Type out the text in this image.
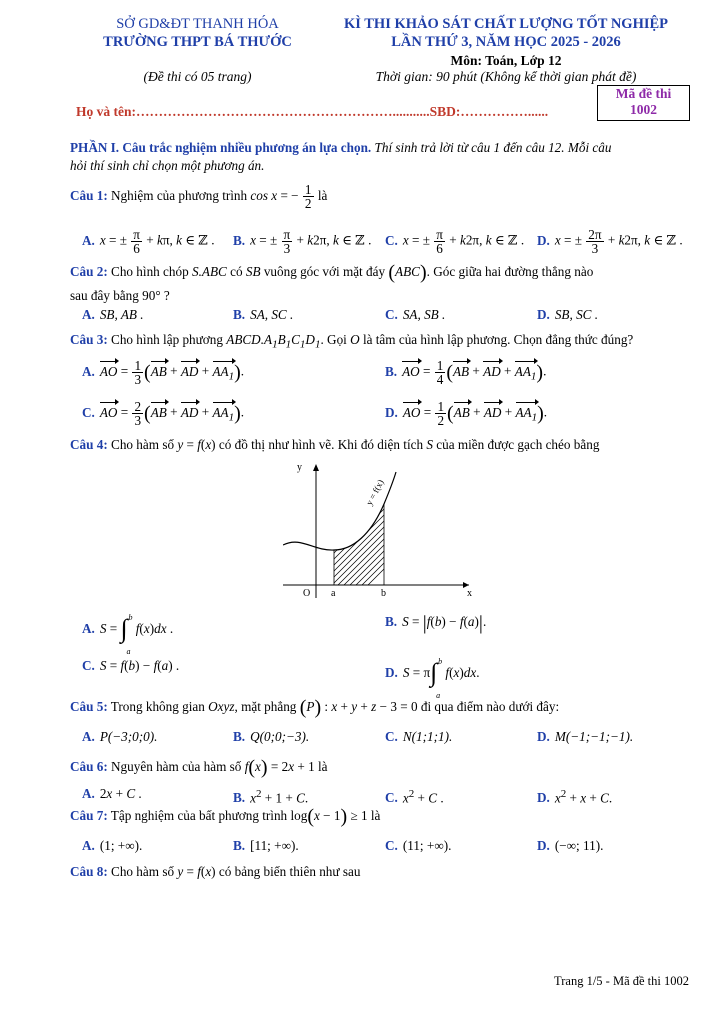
SỞ GD&ĐT THANH HÓA
TRƯỜNG THPT BÁ THƯỚC
(Đề thi có 05 trang)
KÌ THI KHẢO SÁT CHẤT LƯỢNG TỐT NGHIỆP
LẦN THỨ 3, NĂM HỌC 2025 - 2026
Môn: Toán, Lớp 12
Thời gian: 90 phút (Không kể thời gian phát đề)
Họ và tên:…………………………………………………...........SBD:……………......
Mã đề thi
1002
PHẦN I. Câu trắc nghiệm nhiều phương án lựa chọn. Thí sinh trả lời từ câu 1 đến câu 12. Mỗi câu
hỏi thí sinh chỉ chọn một phương án.
Câu 1: Nghiệm của phương trình cos x = − $\frac{1}{2}$ là
A. x = ± $\frac{\pi}{6} + k\pi$, k ∈ ℤ . B. x = ± $\frac{\pi}{3} + k2\pi$, k ∈ ℤ . C. x = ± $\frac{\pi}{6} + k2\pi$, k ∈ ℤ . D. x = ± $\frac{2\pi}{3} + k2\pi$, k ∈ ℤ .
Câu 2: Cho hình chóp S.ABC có SB vuông góc với mặt đáy (ABC). Góc giữa hai đường thẳng nào
sau đây bằng 90° ?
A. SB, AB .	B. SA, SC .	C. SA, SB .	D. SB, SC .
Câu 3: Cho hình lập phương $ABCD.A_1B_1C_1D_1$. Gọi O là tâm của hình lập phương. Chọn đẳng thức đúng?
A. AO = $\frac{1}{3} (AB$ + AD + $AA_1$).	B. AO = $\frac{1}{4} (AB$ + AD + $AA_1$).
C. AO = $\frac{2}{3} (AB$ + AD + $AA_1$).	D. AO = $\frac{1}{2} (AB$ + AD + $AA_1$).
Câu 4: Cho hàm số y = f(x) có đồ thị như hình vẽ. Khi đó diện tích S của miền được gạch chéo bằng
y
x
O a	b
y = f(x)
A. S = ∫ b
a
f(x)dx .	B. S = |f(b) − f(a)|.
C. S = f(b) − f(a) .	D. S = π ∫ b
a
f(x)dx.
Câu 5: Trong không gian Oxyz, mặt phẳng (P) : x + y + z − 3 = 0 đi qua điểm nào dưới đây:
A. P(−3;0;0).	B. Q(0;0;−3).	C. N(1;1;1).	D. M(−1;−1;−1).
Câu 6: Nguyên hàm của hàm số f(x) = 2x + 1 là
A. 2x + C .	B. $x^2 + 1 + C$.	C. $x^2 + C$ .	D. $x^2 + x + C$.
Câu 7: Tập nghiệm của bất phương trình log(x − 1) ≥ 1 là
A. (1; +∞).	B. [11; +∞).	C. (11; +∞).	D. (−∞; 11).
Câu 8: Cho hàm số y = f(x) có bảng biến thiên như sau
Trang 1/5 - Mã đề thi 1002
